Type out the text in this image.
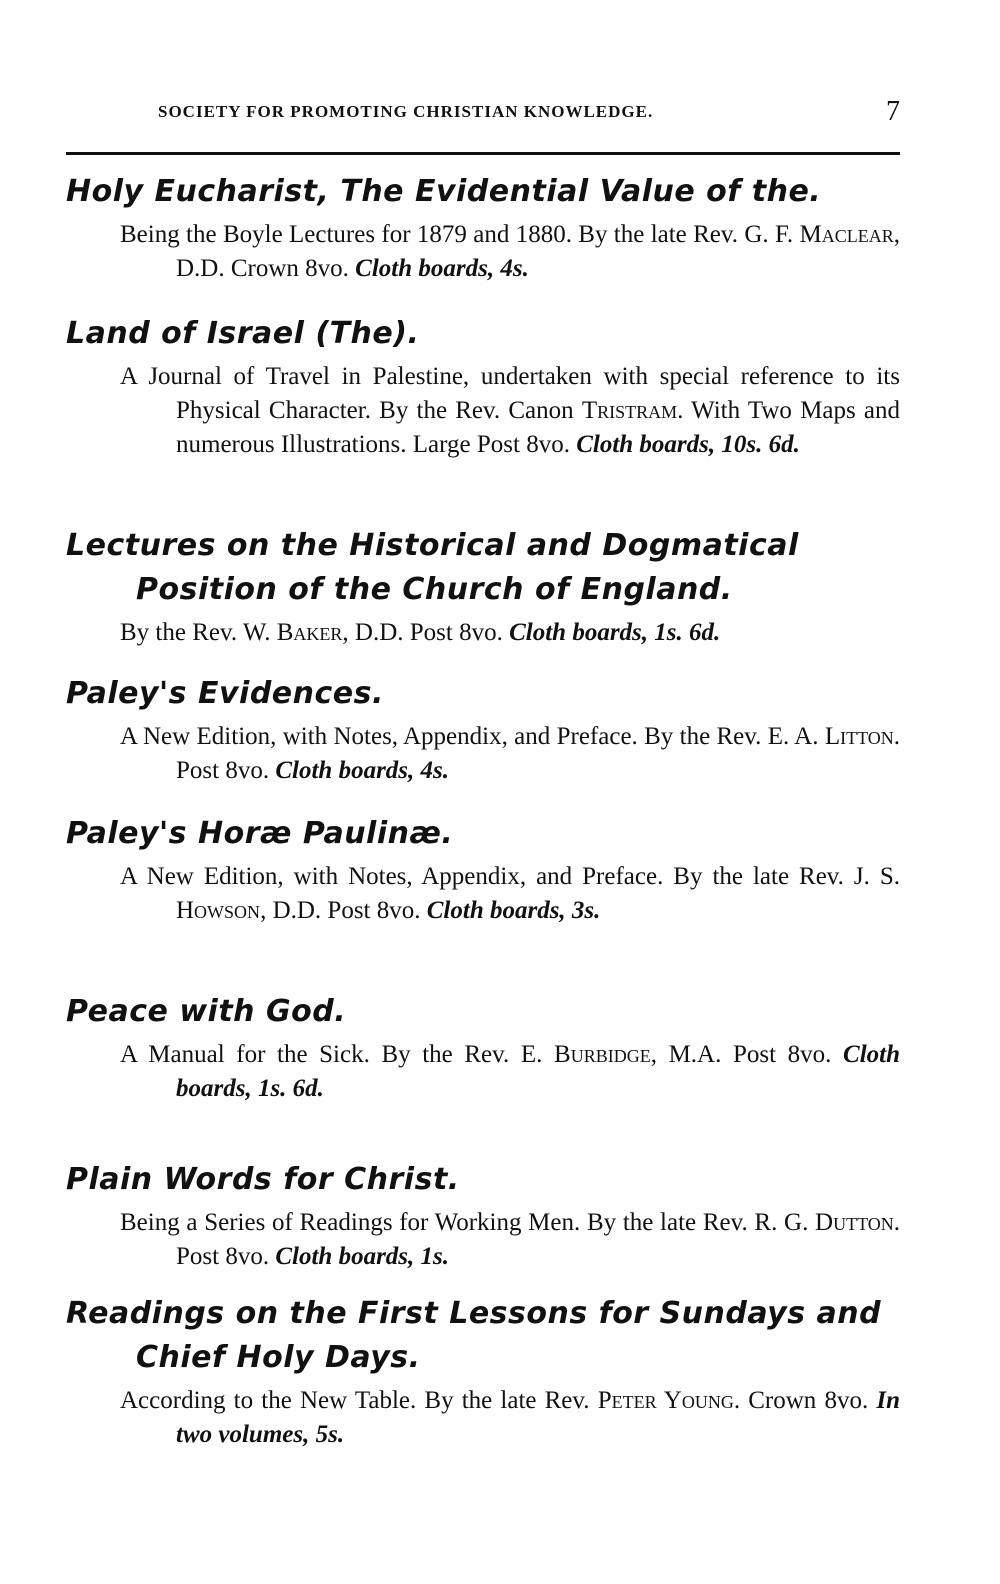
SOCIETY FOR PROMOTING CHRISTIAN KNOWLEDGE.	7

Holy Eucharist, The Evidential Value of the.

Being the Boyle Lectures for 1879 and 1880. By the late Rev. G. F. Maclear, D.D. Crown 8vo. Cloth boards, 4s.

Land of Israel (The).

A Journal of Travel in Palestine, undertaken with special reference to its Physical Character. By the Rev. Canon Tristram. With Two Maps and numerous Illustrations. Large Post 8vo. Cloth boards, 10s. 6d.

Lectures on the Historical and Dogmatical Position of the Church of England.

By the Rev. W. Baker, D.D. Post 8vo. Cloth boards, 1s. 6d.

Paley's Evidences.

A New Edition, with Notes, Appendix, and Preface. By the Rev. E. A. Litton. Post 8vo. Cloth boards, 4s.

Paley's Horæ Paulinæ.

A New Edition, with Notes, Appendix, and Preface. By the late Rev. J. S. Howson, D.D. Post 8vo. Cloth boards, 3s.

Peace with God.

A Manual for the Sick. By the Rev. E. Burbidge, M.A. Post 8vo. Cloth boards, 1s. 6d.

Plain Words for Christ.

Being a Series of Readings for Working Men. By the late Rev. R. G. Dutton. Post 8vo. Cloth boards, 1s.

Readings on the First Lessons for Sundays and Chief Holy Days.

According to the New Table. By the late Rev. Peter Young. Crown 8vo. In two volumes, 5s.
